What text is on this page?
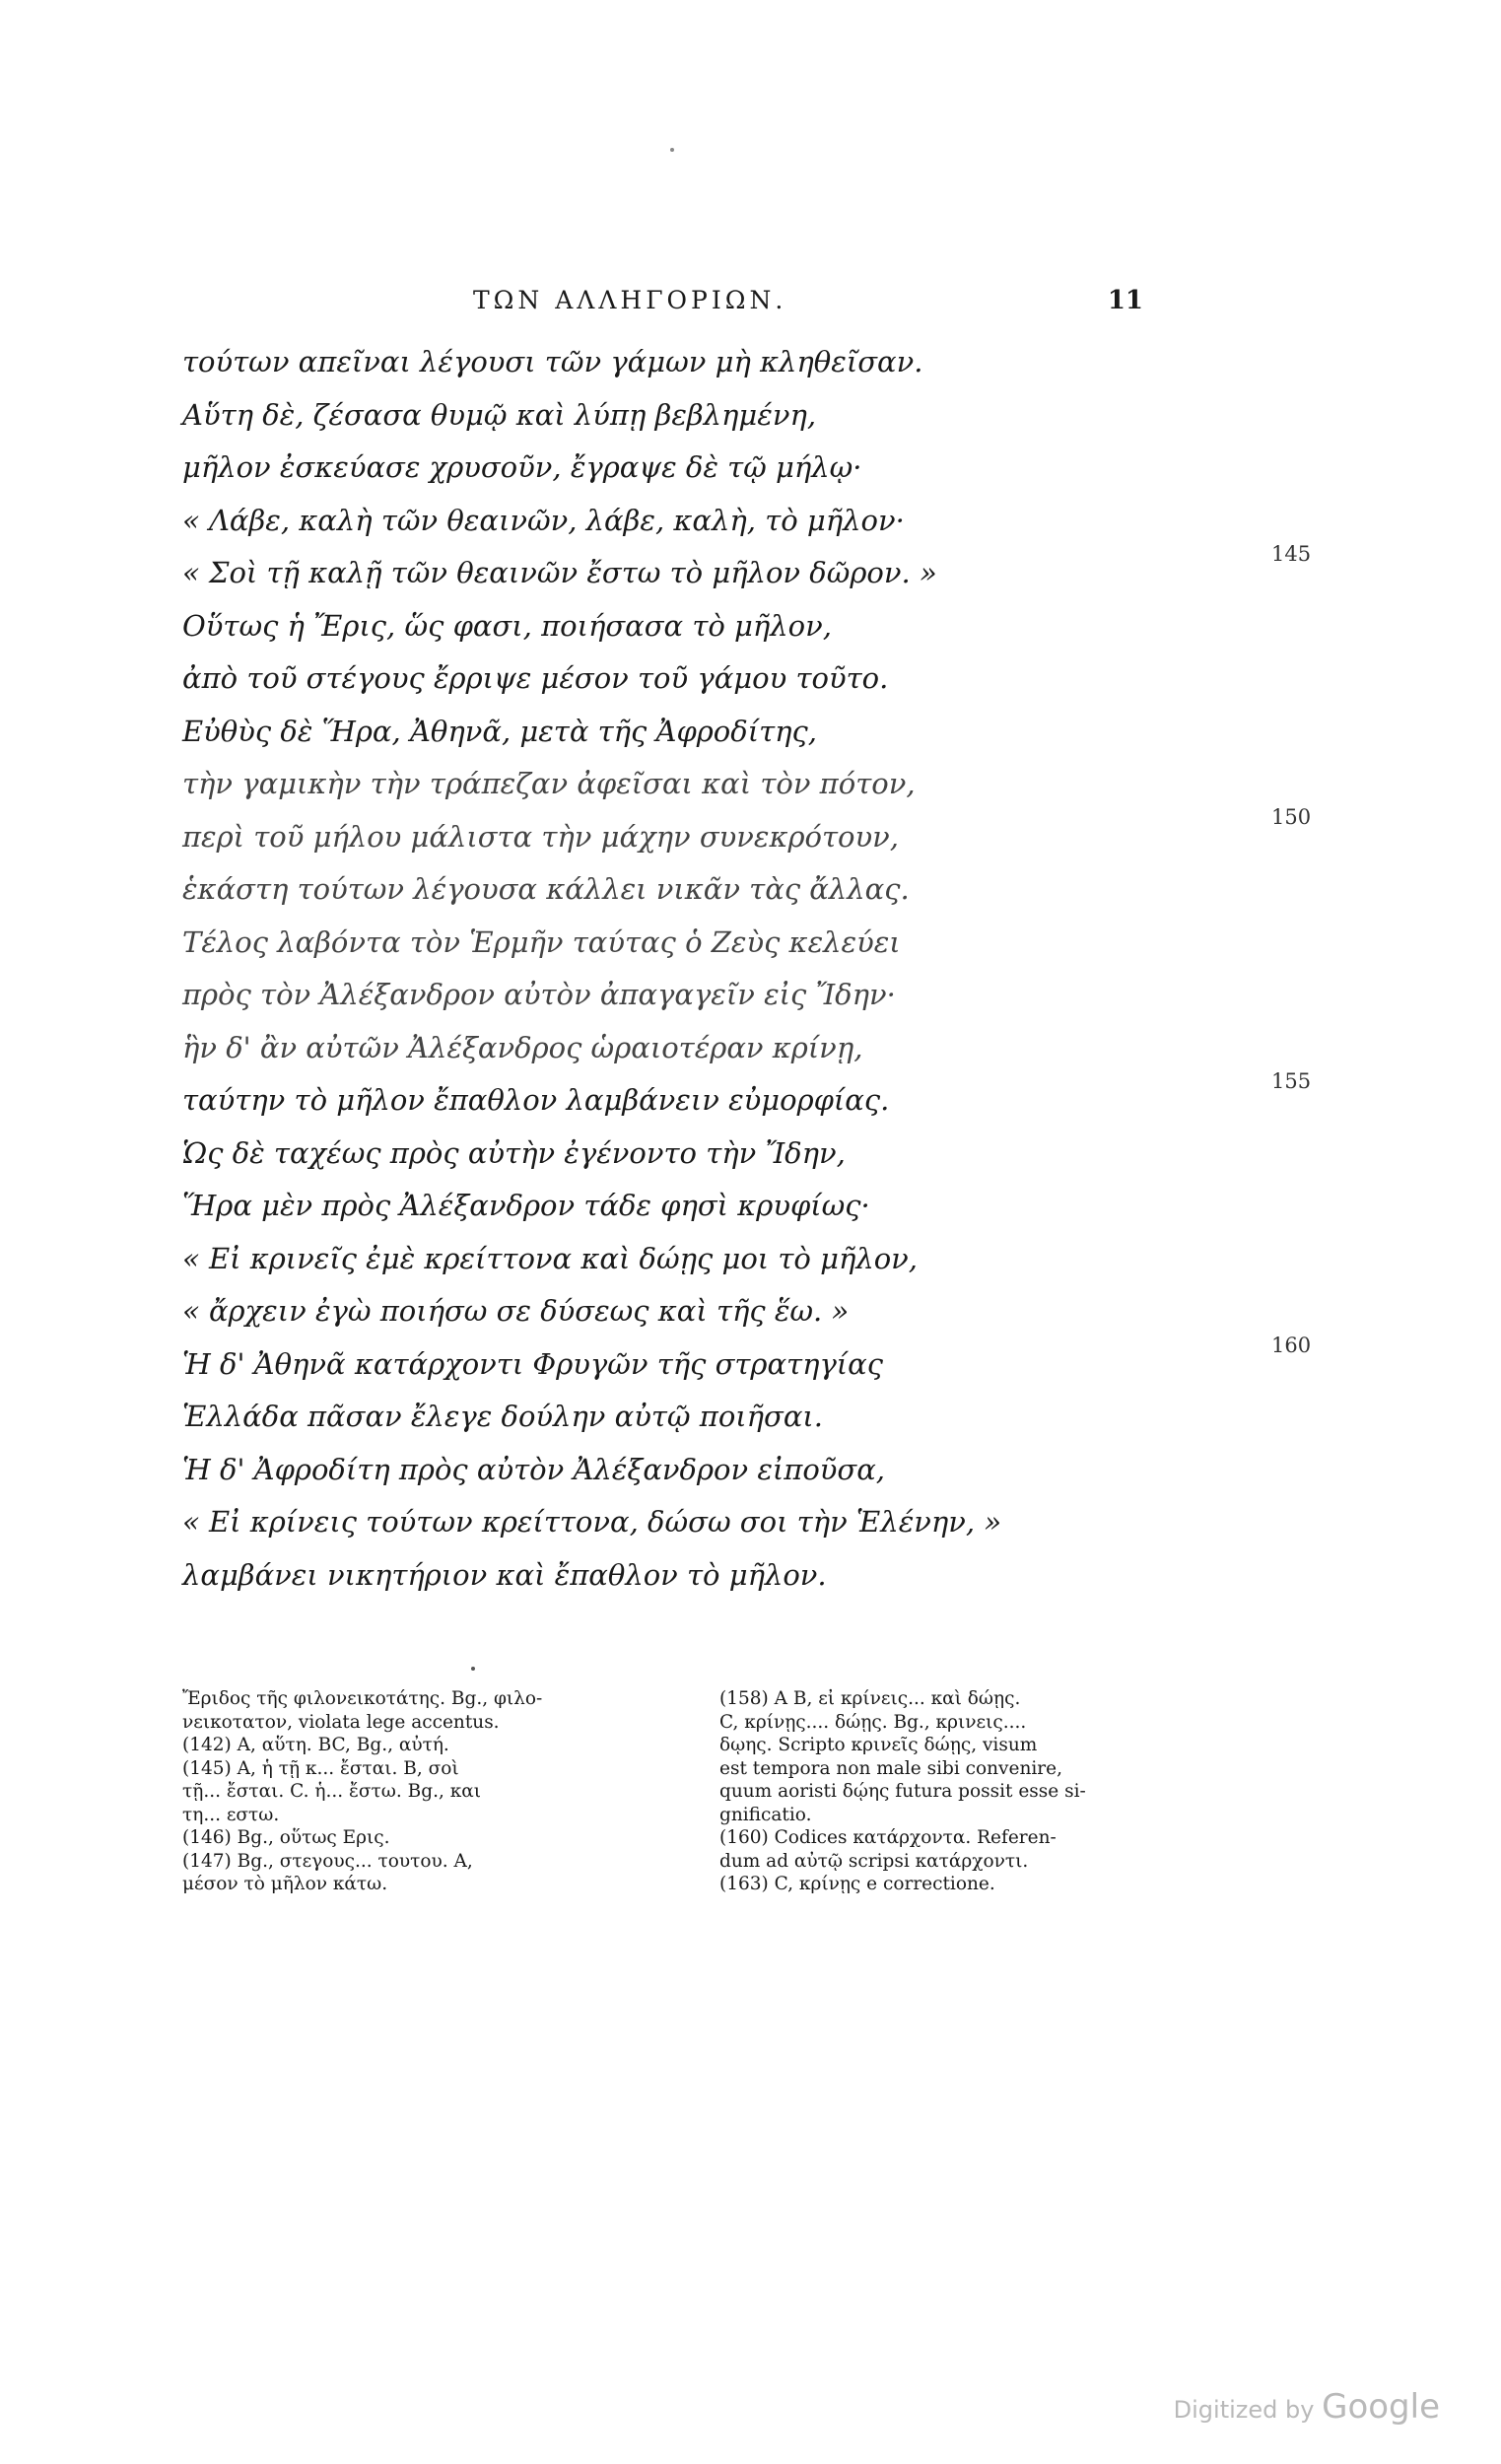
ΤΩΝ ΑΛΛΗΓΟΡΙΩΝ.	11
τούτων απεῖναι λέγουσι τῶν γάμων μὴ κληθεῖσαν.
Αὕτη δὲ, ζέσασα θυμῷ καὶ λύπῃ βεβλημένη,
μῆλον ἐσκεύασε χρυσοῦν, ἔγραψε δὲ τῷ μήλῳ·
« Λάβε, καλὴ τῶν θεαινῶν, λάβε, καλὴ, τὸ μῆλον·
« Σοὶ τῇ καλῇ τῶν θεαινῶν ἔστω τὸ μῆλον δῶρον. »
Οὕτως ἡ Ἔρις, ὥς φασι, ποιήσασα τὸ μῆλον,
ἀπὸ τοῦ στέγους ἔρριψε μέσον τοῦ γάμου τοῦτο.
Εὐθὺς δὲ Ἥρα, Ἀθηνᾶ, μετὰ τῆς Ἀφροδίτης,
τὴν γαμικὴν τὴν τράπεζαν ἀφεῖσαι καὶ τὸν πότον,
περὶ τοῦ μήλου μάλιστα τὴν μάχην συνεκρότουν,
ἑκάστη τούτων λέγουσα κάλλει νικᾶν τὰς ἄλλας.
Τέλος λαβόντα τὸν Ἑρμῆν ταύτας ὁ Ζεὺς κελεύει
πρὸς τὸν Ἀλέξανδρον αὐτὸν ἀπαγαγεῖν εἰς Ἴδην·
ἣν δ' ἂν αὐτῶν Ἀλέξανδρος ὡραιοτέραν κρίνῃ,
ταύτην τὸ μῆλον ἔπαθλον λαμβάνειν εὐμορφίας.
Ὡς δὲ ταχέως πρὸς αὐτὴν ἐγένοντο τὴν Ἴδην,
Ἥρα μὲν πρὸς Ἀλέξανδρον τάδε φησὶ κρυφίως·
« Εἰ κρινεῖς ἐμὲ κρείττονα καὶ δώῃς μοι τὸ μῆλον,
« ἄρχειν ἐγὼ ποιήσω σε δύσεως καὶ τῆς ἕω. »
Ἡ δ' Ἀθηνᾶ κατάρχοντι Φρυγῶν τῆς στρατηγίας
Ἑλλάδα πᾶσαν ἔλεγε δούλην αὐτῷ ποιῆσαι.
Ἡ δ' Ἀφροδίτη πρὸς αὐτὸν Ἀλέξανδρον εἰποῦσα,
« Εἰ κρίνεις τούτων κρείττονα, δώσω σοι τὴν Ἑλένην, »
λαμβάνει νικητήριον καὶ ἔπαθλον τὸ μῆλον.
145
150
155
160
Ἔριδος τῆς φιλονεικοτάτης. Bg., φιλο-
νεικοτατον, violata lege accentus.
(142) A, αὕτη. BC, Bg., αὐτή.
(145) A, ἡ τῇ κ... ἔσται. B, σοὶ
τῇ... ἔσται. C. ἡ... ἔστω. Bg., και
τη... εστω.
(146) Bg., οὕτως Ερις.
(147) Bg., στεγους... τουτου. A,
μέσον τὸ μῆλον κάτω.
(158) A B, εἰ κρίνεις... καὶ δώῃς.
C, κρίνῃς.... δώῃς. Bg., κρινεις....
δῳης. Scripto κρινεῖς δώῃς, visum
est tempora non male sibi convenire,
quum aoristi δῴης futura possit esse si-
gnificatio.
(160) Codices κατάρχοντα. Referen-
dum ad αὐτῷ scripsi κατάρχοντι.
(163) C, κρίνῃς e correctione.
Digitized by Google
